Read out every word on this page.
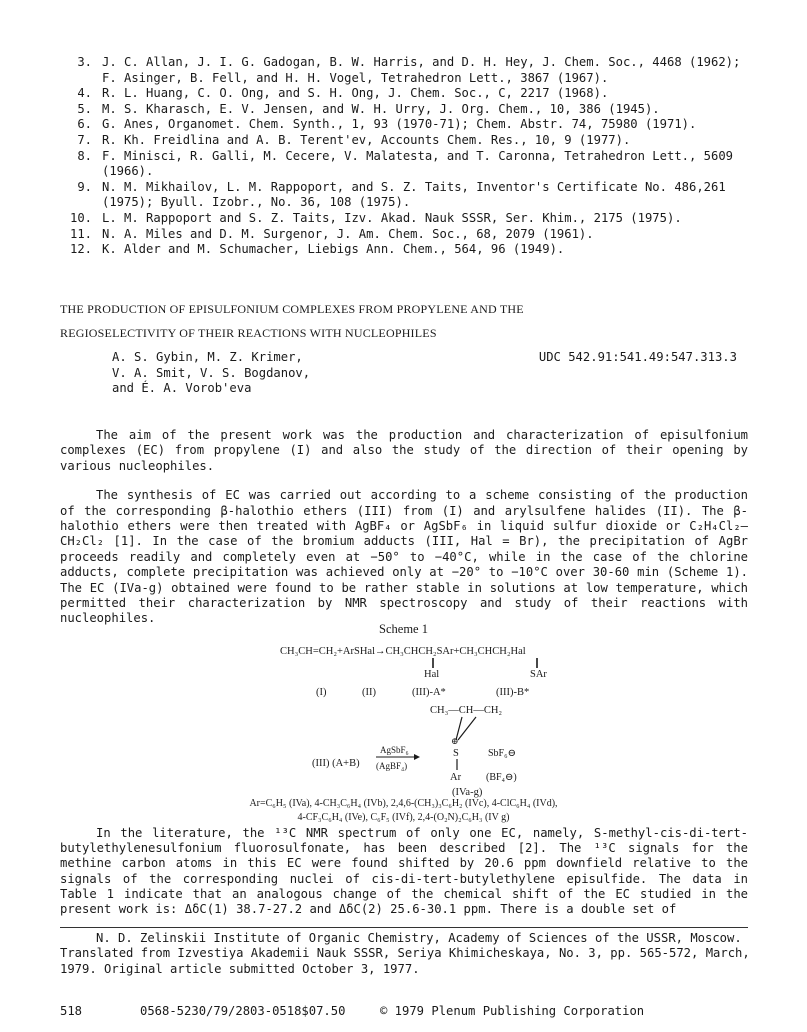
3. J. C. Allan, J. I. G. Gadogan, B. W. Harris, and D. H. Hey, J. Chem. Soc., 4468 (1962);
F. Asinger, B. Fell, and H. H. Vogel, Tetrahedron Lett., 3867 (1967).
4. R. L. Huang, C. O. Ong, and S. H. Ong, J. Chem. Soc., C, 2217 (1968).
5. M. S. Kharasch, E. V. Jensen, and W. H. Urry, J. Org. Chem., 10, 386 (1945).
6. G. Anes, Organomet. Chem. Synth., 1, 93 (1970-71); Chem. Abstr. 74, 75980 (1971).
7. R. Kh. Freidlina and A. B. Terent'ev, Accounts Chem. Res., 10, 9 (1977).
8. F. Minisci, R. Galli, M. Cecere, V. Malatesta, and T. Caronna, Tetrahedron Lett., 5609
(1966).
9. N. M. Mikhailov, L. M. Rappoport, and S. Z. Taits, Inventor's Certificate No. 486,261
(1975); Byull. Izobr., No. 36, 108 (1975).
10. L. M. Rappoport and S. Z. Taits, Izv. Akad. Nauk SSSR, Ser. Khim., 2175 (1975).
11. N. A. Miles and D. M. Surgenor, J. Am. Chem. Soc., 68, 2079 (1961).
12. K. Alder and M. Schumacher, Liebigs Ann. Chem., 564, 96 (1949).
THE PRODUCTION OF EPISULFONIUM COMPLEXES FROM PROPYLENE AND THE
REGIOSELECTIVITY OF THEIR REACTIONS WITH NUCLEOPHILES
A. S. Gybin, M. Z. Krimer,
V. A. Smit, V. S. Bogdanov,
and É. A. Vorob'eva
UDC 542.91:541.49:547.313.3

The aim of the present work was the production and characterization of episulfonium complexes (EC) from propylene (I) and also the study of the direction of their opening by various nucleophiles.

The synthesis of EC was carried out according to a scheme consisting of the production of the corresponding β-halothio ethers (III) from (I) and arylsulfene halides (II). The β-halothio ethers were then treated with AgBF₄ or AgSbF₆ in liquid sulfur dioxide or C₂H₄Cl₂—CH₂Cl₂ [1]. In the case of the bromium adducts (III, Hal = Br), the precipitation of AgBr proceeds readily and completely even at −50° to −40°C, while in the case of the chlorine adducts, complete precipitation was achieved only at −20° to −10°C over 30-60 min (Scheme 1). The EC (IVa-g) obtained were found to be rather stable in solutions at low temperature, which permitted their characterization by NMR spectroscopy and study of their reactions with nucleophiles.

Scheme 1
CH₃CH=CH₂+ArSHal→CH₃CHCH₂SAr+CH₃CHCH₂Hal
Hal	SAr
(I)	(II)	(III)-A*	(III)-B*
(III) (A+B)
AgSbF₆
(AgBF₄)
CH₃—CH—CH₂
⊕
S
Ar
SbF₆⊖
(BF₄⊖)
(IVa-g)
Ar=C₆H₅ (IVa), 4-CH₃C₆H₄ (IVb), 2,4,6-(CH₃)₃C₆H₂ (IVc), 4-ClC₆H₄ (IVd),
4-CF₃C₆H₄ (IVe), C₆F₅ (IVf), 2,4-(O₂N)₂C₆H₃ (IV g)

In the literature, the ¹³C NMR spectrum of only one EC, namely, S-methyl-cis-di-tert-butylethylenesulfonium fluorosulfonate, has been described [2]. The ¹³C signals for the methine carbon atoms in this EC were found shifted by 20.6 ppm downfield relative to the signals of the corresponding nuclei of cis-di-tert-butylethylene episulfide. The data in Table 1 indicate that an analogous change of the chemical shift of the EC studied in the present work is: ΔδC(1) 38.7-27.2 and ΔδC(2) 25.6-30.1 ppm. There is a double set of

N. D. Zelinskii Institute of Organic Chemistry, Academy of Sciences of the USSR, Moscow. Translated from Izvestiya Akademii Nauk SSSR, Seriya Khimicheskaya, No. 3, pp. 565-572, March, 1979. Original article submitted October 3, 1977.

518	0568-5230/79/2803-0518$07.50	© 1979 Plenum Publishing Corporation
